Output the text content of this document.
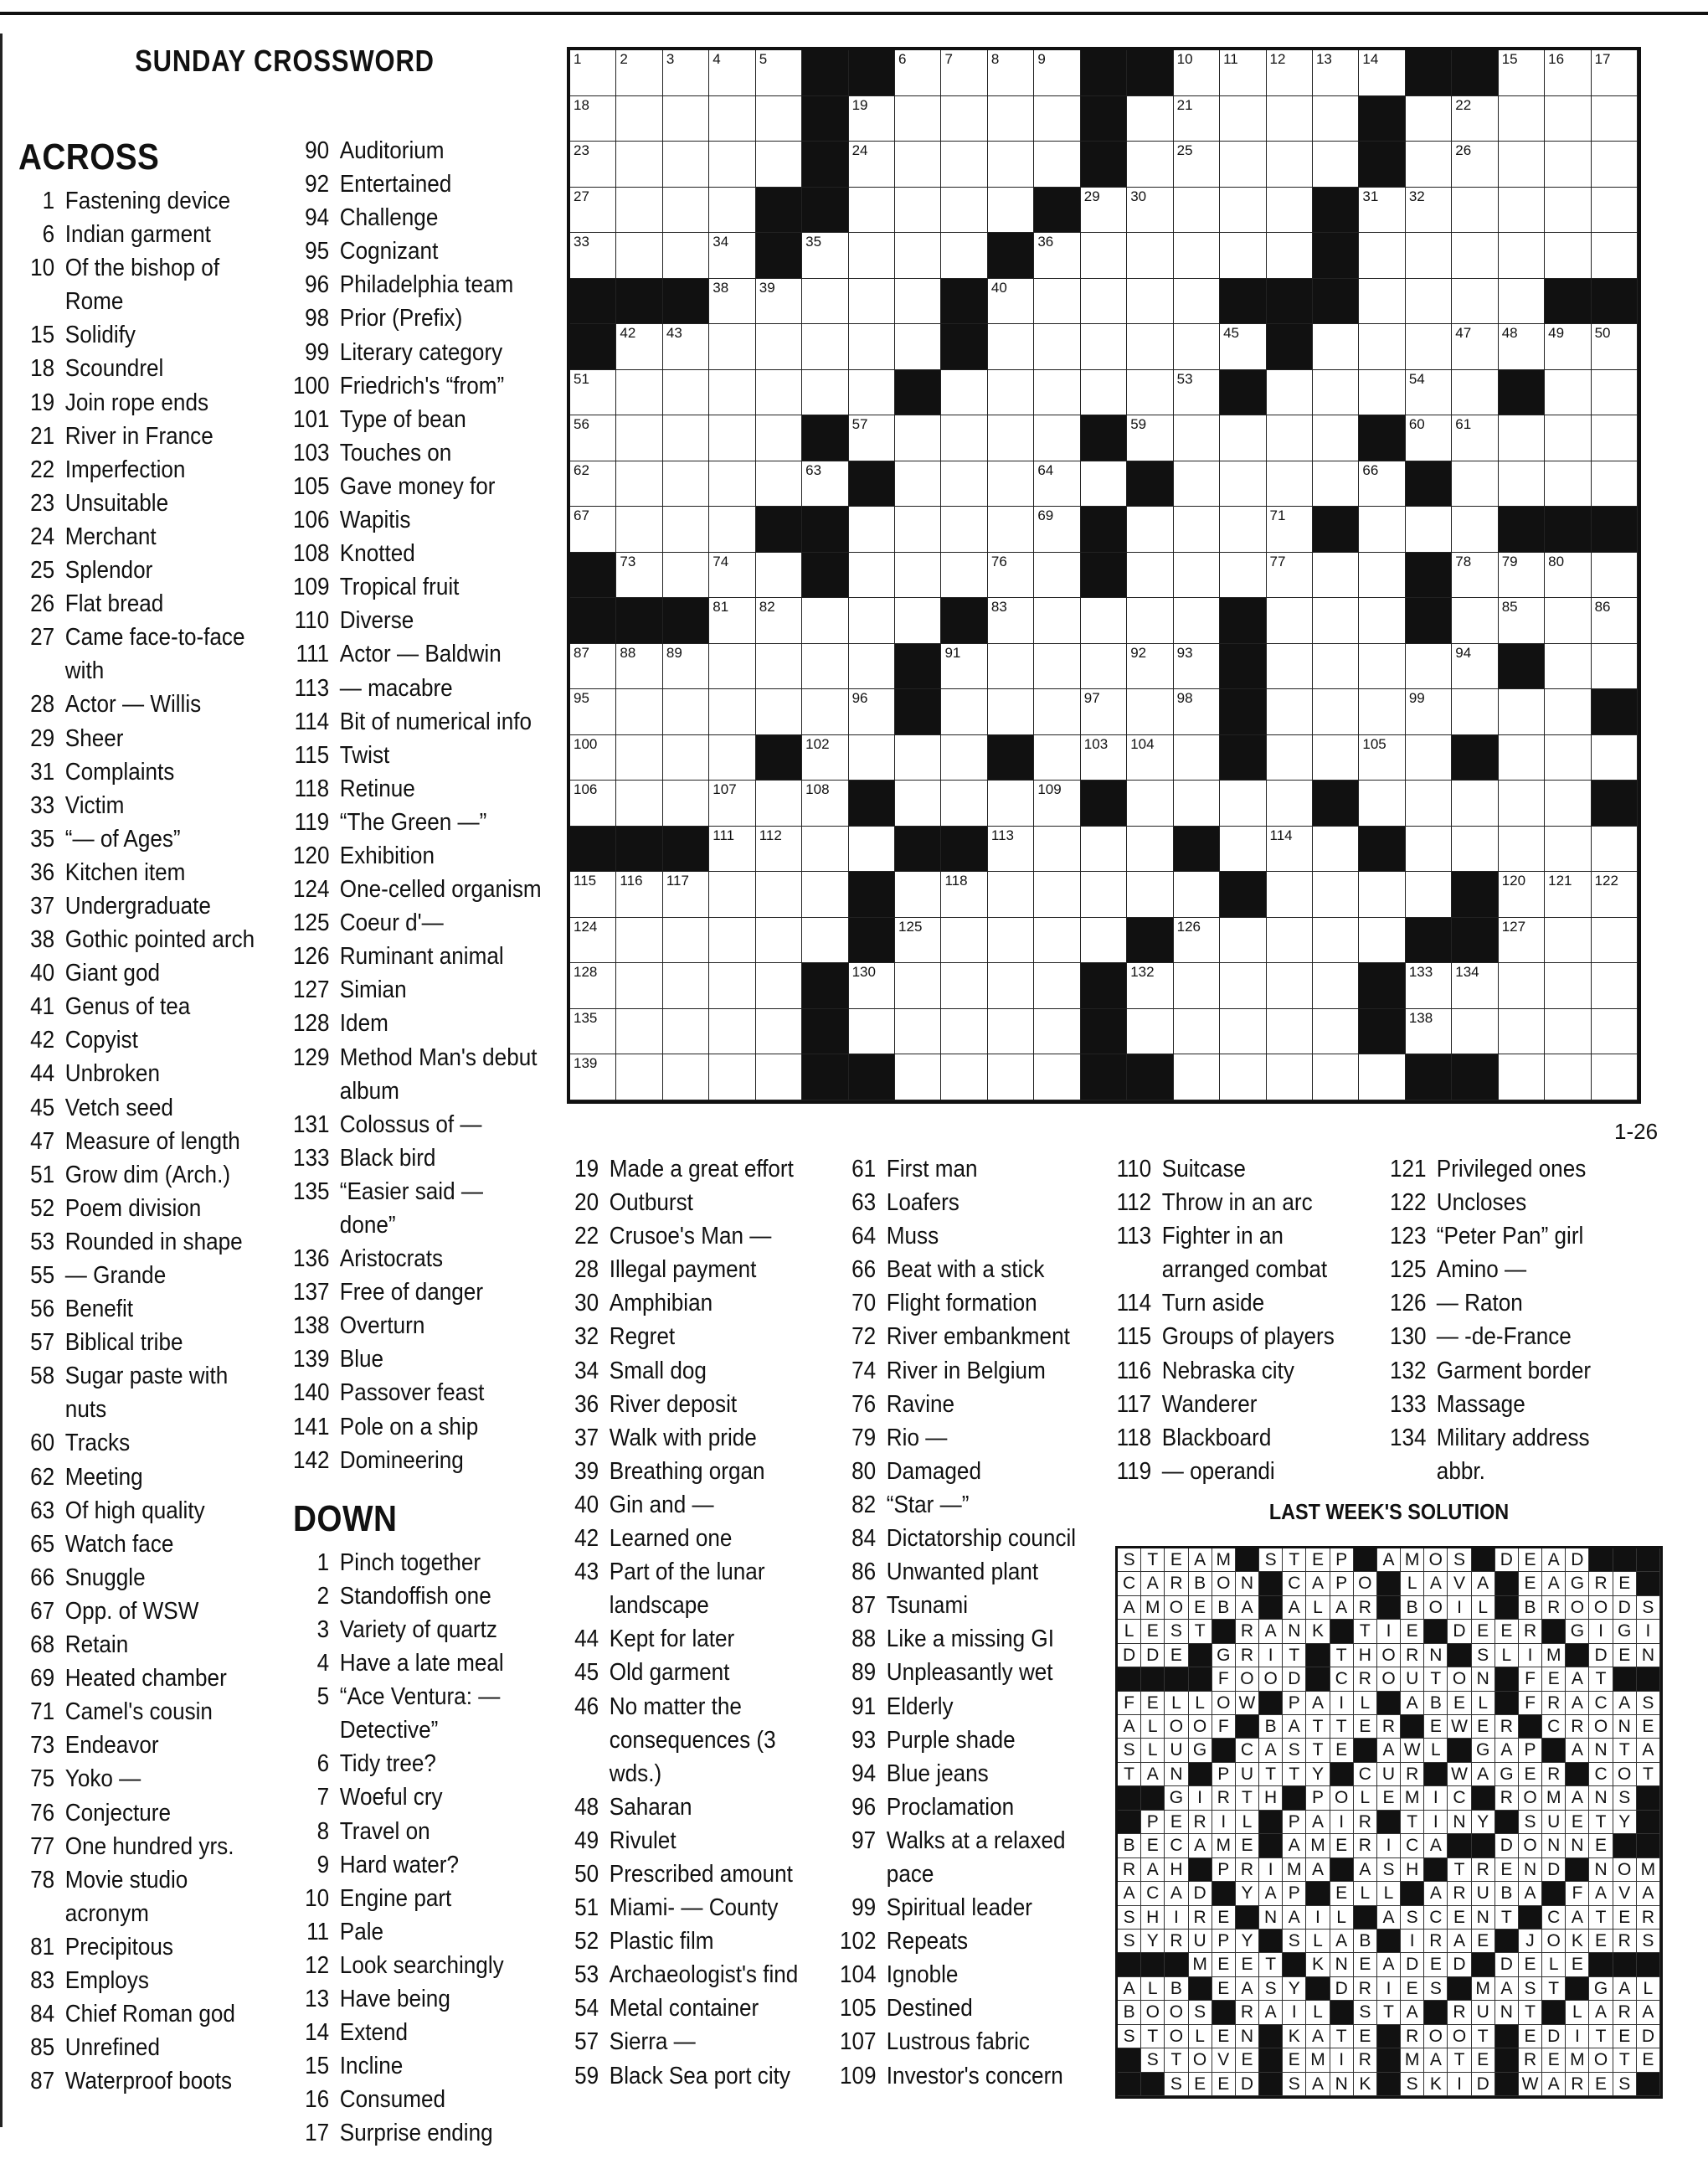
SUNDAY CROSSWORD
ACROSS
1 Fastening device
6 Indian garment
10 Of the bishop of Rome
15 Solidify
18 Scoundrel
19 Join rope ends
21 River in France
22 Imperfection
23 Unsuitable
24 Merchant
25 Splendor
26 Flat bread
27 Came face-to-face with
28 Actor — Willis
29 Sheer
31 Complaints
33 Victim
35 “— of Ages”
36 Kitchen item
37 Undergraduate
38 Gothic pointed arch
40 Giant god
41 Genus of tea
42 Copyist
44 Unbroken
45 Vetch seed
47 Measure of length
51 Grow dim (Arch.)
52 Poem division
53 Rounded in shape
55 — Grande
56 Benefit
57 Biblical tribe
58 Sugar paste with nuts
60 Tracks
62 Meeting
63 Of high quality
65 Watch face
66 Snuggle
67 Opp. of WSW
68 Retain
69 Heated chamber
71 Camel's cousin
73 Endeavor
75 Yoko —
76 Conjecture
77 One hundred yrs.
78 Movie studio acronym
81 Precipitous
83 Employs
84 Chief Roman god
85 Unrefined
87 Waterproof boots
90 Auditorium
92 Entertained
94 Challenge
95 Cognizant
96 Philadelphia team
98 Prior (Prefix)
99 Literary category
100 Friedrich's “from”
101 Type of bean
103 Touches on
105 Gave money for
106 Wapitis
108 Knotted
109 Tropical fruit
110 Diverse
111 Actor — Baldwin
113 — macabre
114 Bit of numerical info
115 Twist
118 Retinue
119 “The Green —”
120 Exhibition
124 One-celled organism
125 Coeur d'—
126 Ruminant animal
127 Simian
128 Idem
129 Method Man's debut album
131 Colossus of —
133 Black bird
135 “Easier said — done”
136 Aristocrats
137 Free of danger
138 Overturn
139 Blue
140 Passover feast
141 Pole on a ship
142 Domineering
DOWN
1 Pinch together
2 Standoffish one
3 Variety of quartz
4 Have a late meal
5 “Ace Ventura: — Detective”
6 Tidy tree?
7 Woeful cry
8 Travel on
9 Hard water?
10 Engine part
11 Pale
12 Look searchingly
13 Have being
14 Extend
15 Incline
16 Consumed
17 Surprise ending
19 Made a great effort
20 Outburst
22 Crusoe's Man —
28 Illegal payment
30 Amphibian
32 Regret
34 Small dog
36 River deposit
37 Walk with pride
39 Breathing organ
40 Gin and —
42 Learned one
43 Part of the lunar landscape
44 Kept for later
45 Old garment
46 No matter the consequences (3 wds.)
48 Saharan
49 Rivulet
50 Prescribed amount
51 Miami- — County
52 Plastic film
53 Archaeologist's find
54 Metal container
57 Sierra —
59 Black Sea port city
61 First man
63 Loafers
64 Muss
66 Beat with a stick
70 Flight formation
72 River embankment
74 River in Belgium
76 Ravine
79 Rio —
80 Damaged
82 “Star —”
84 Dictatorship council
86 Unwanted plant
87 Tsunami
88 Like a missing GI
89 Unpleasantly wet
91 Elderly
93 Purple shade
94 Blue jeans
96 Proclamation
97 Walks at a relaxed pace
99 Spiritual leader
102 Repeats
104 Ignoble
105 Destined
107 Lustrous fabric
109 Investor's concern
110 Suitcase
112 Throw in an arc
113 Fighter in an arranged combat
114 Turn aside
115 Groups of players
116 Nebraska city
117 Wanderer
118 Blackboard
119 — operandi
121 Privileged ones
122 Uncloses
123 “Peter Pan” girl
125 Amino —
126 — Raton
130 — -de-France
132 Garment border
133 Massage
134 Military address abbr.
1	2	3	4	5	6	7	8	9	10 11 12 13 14	15 16 17
18	19	21	22
23	24	25	26
27	29 30	31 32
33	34	35	36
38 39	40
42 43	45	47 48 49 50
51	53	54
56	57	59	60 61
62	63	64	66
67	69	71
73	74	76	77	78 79 80
81 82	83	85	86
87 88 89	91	92 93	94
95	96	97	98	99
100	102	103 104	105
106	107	108	109
111 112	113	114
115 116 117	118	120 121 122
124	125	126	127
128	130	132	133 134
135	138
139
1-26
LAST WEEK'S SOLUTION
S T E A M	S T E P	A M O S	D E A D
C A R B O N	C A P O	L A V A	E A G R E
A M O E B A	A L A R	B O I L	B R O O D S
L E S T	R A N K	T I E	D E E R	G I G I
D D E	G R I T	T H O R N	S L I M D E N
F O O D	C R O U T O N	F E A T
F E L L O W	P A I L	A B E L	F R A C A S
A L O O F	B A T T E R	E W E R	C R O N E
S L U G	C A S T E	A W L	G A P	A N T A
T A N	P U T T Y	C U R	W A G E R	C O T
G I R T H	P O L E M I C	R O M A N S
P E R I L	P A I R	T I N Y	S U E T Y
B E C A M E	A M E R I C A	D O N N E
R A H	P R I M A	A S H	T R E N D	N O M
A C A D	Y A P	E L L	A R U B A	F A V A
S H I R E	N A I L	A S C E N T	C A T E R
S Y R U P Y	S L A B	I R A E	J O K E R S
M E E T	K N E A D E D	D E L E
A L B	E A S Y	D R I E S	M A S T	G A L
B O O S	R A I L	S T A	R U N T	L A R A
S T O L E N	K A T E	R O O T	E D I T E D
S T O V E	E M I R	M A T E	R E M O T E
S E E D	S A N K	S K I D	W A R E S
